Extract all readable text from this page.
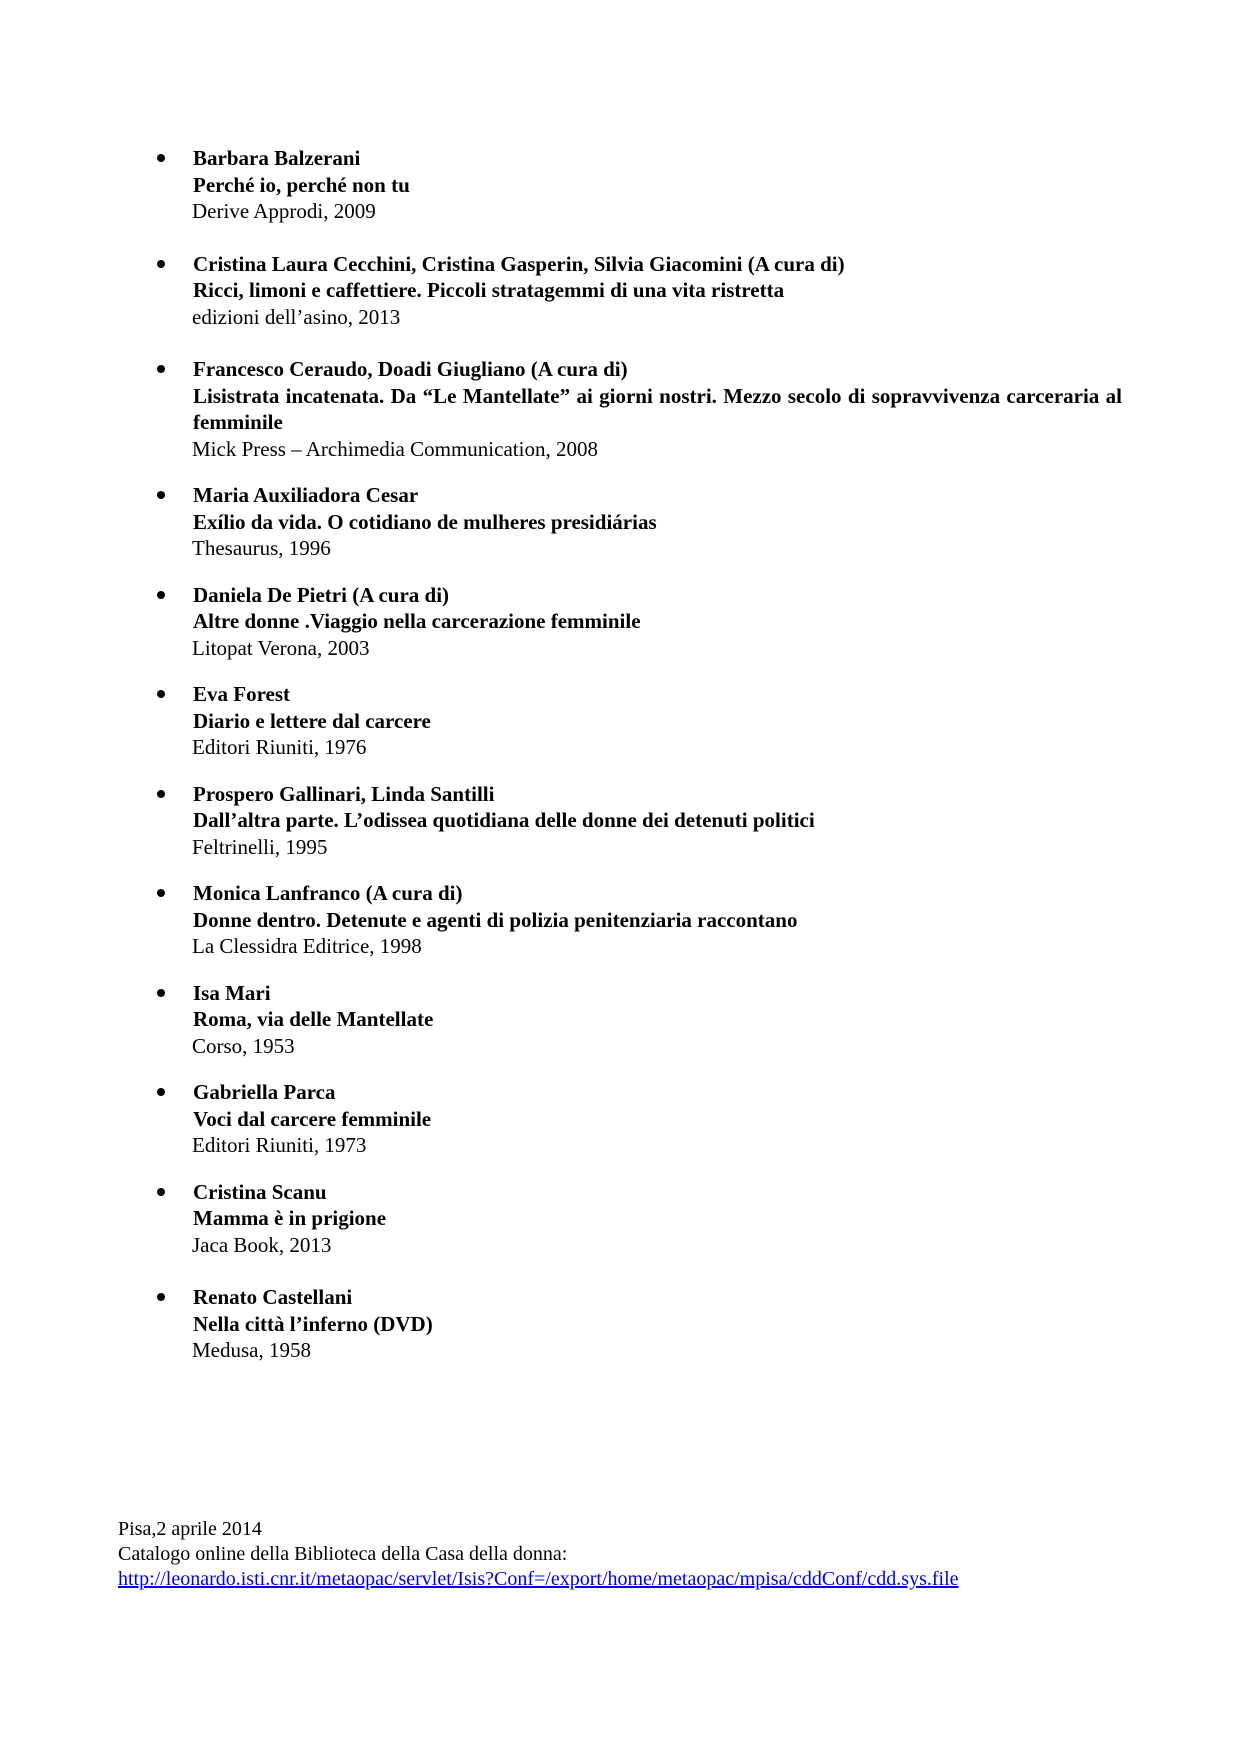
Barbara Balzerani
Perché io, perché non tu
Derive Approdi, 2009
Cristina Laura Cecchini, Cristina Gasperin, Silvia Giacomini (A cura di)
Ricci, limoni e caffettiere. Piccoli stratagemmi di una vita ristretta
edizioni dell’asino, 2013
Francesco Ceraudo, Doadi Giugliano (A cura di)
Lisistrata incatenata. Da “Le Mantellate” ai giorni nostri. Mezzo secolo di sopravvivenza carceraria al femminile
Mick Press – Archimedia Communication, 2008
Maria Auxiliadora Cesar
Exílio da vida. O cotidiano de mulheres presidiárias
Thesaurus, 1996
Daniela De Pietri (A cura di)
Altre donne .Viaggio nella carcerazione femminile
Litopat Verona, 2003
Eva Forest
Diario e lettere dal carcere
Editori Riuniti, 1976
Prospero Gallinari, Linda Santilli
Dall’altra parte. L’odissea quotidiana delle donne dei detenuti politici
Feltrinelli, 1995
Monica Lanfranco (A cura di)
Donne dentro. Detenute e agenti di polizia penitenziaria raccontano
La Clessidra Editrice, 1998
Isa Mari
Roma, via delle Mantellate
Corso, 1953
Gabriella Parca
Voci dal carcere femminile
Editori Riuniti, 1973
Cristina Scanu
Mamma è in prigione
Jaca Book, 2013
Renato Castellani
Nella città l’inferno (DVD)
Medusa, 1958
Pisa,2 aprile 2014
Catalogo online della Biblioteca della Casa della donna:
http://leonardo.isti.cnr.it/metaopac/servlet/Isis?Conf=/export/home/metaopac/mpisa/cddConf/cdd.sys.file
